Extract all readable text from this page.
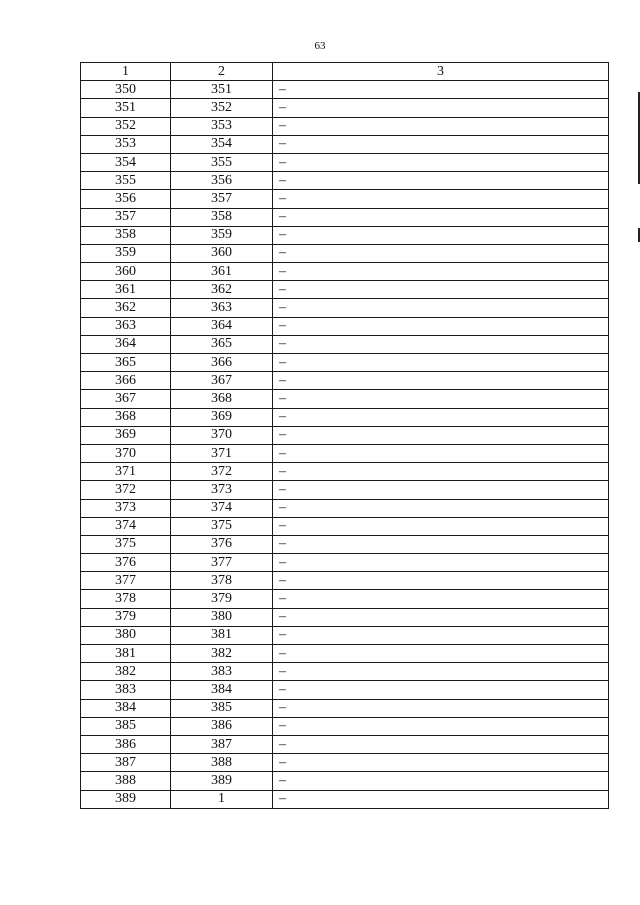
63
1	2	3
350	351	–
351	352	–
352	353	–
353	354	–
354	355	–
355	356	–
356	357	–
357	358	–
358	359	–
359	360	–
360	361	–
361	362	–
362	363	–
363	364	–
364	365	–
365	366	–
366	367	–
367	368	–
368	369	–
369	370	–
370	371	–
371	372	–
372	373	–
373	374	–
374	375	–
375	376	–
376	377	–
377	378	–
378	379	–
379	380	–
380	381	–
381	382	–
382	383	–
383	384	–
384	385	–
385	386	–
386	387	–
387	388	–
388	389	–
389	1	–
